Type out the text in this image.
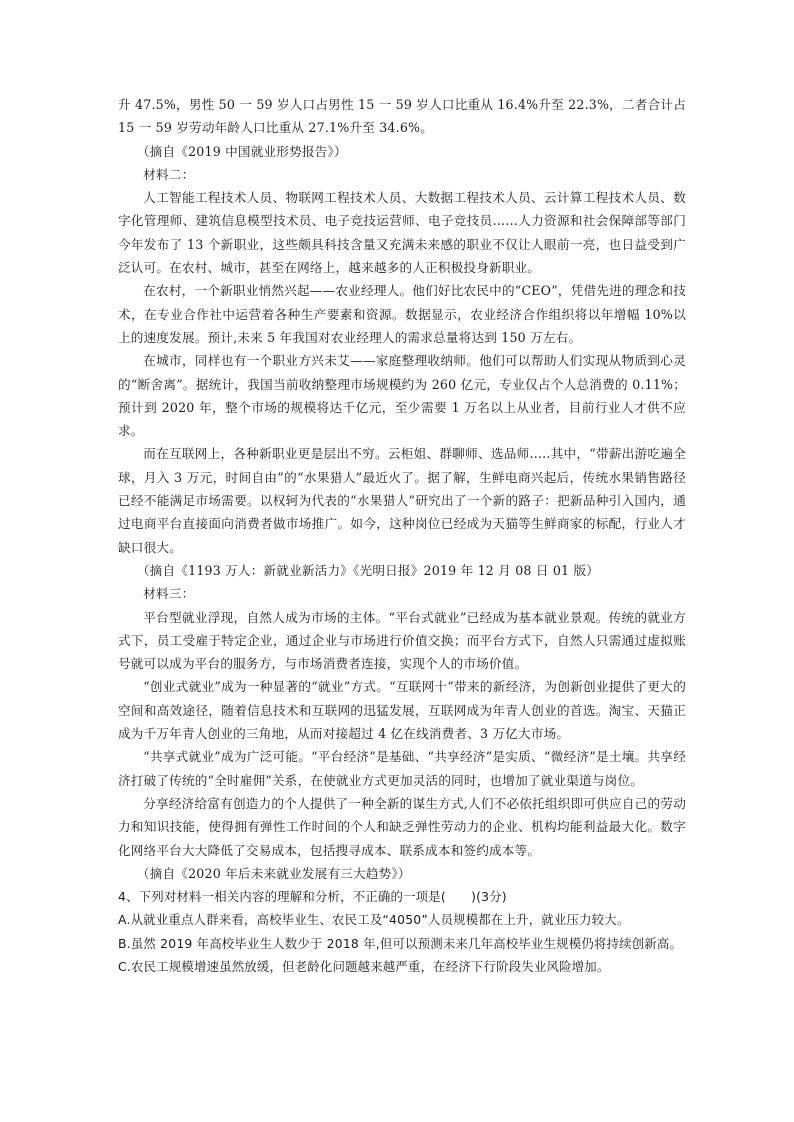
升 47.5%，男性 50 一 59 岁人口占男性 15 一 59 岁人口比重从 16.4%升至 22.3%，二者合计占 15 一 59 岁劳动年龄人口比重从 27.1%升至 34.6%。

（摘自《2019 中国就业形势报告》）

材料二：

人工智能工程技术人员、物联网工程技术人员、大数据工程技术人员、云计算工程技术人员、数字化管理师、建筑信息模型技术员、电子竞技运营师、电子竞技员……人力资源和社会保障部等部门今年发布了 13 个新职业，这些颇具科技含量又充满未来感的职业不仅让人眼前一亮，也日益受到广泛认可。在农村、城市，甚至在网络上，越来越多的人正积极投身新职业。

在农村，一个新职业悄然兴起——农业经理人。他们好比农民中的“CEO”，凭借先进的理念和技术，在专业合作社中运营着各种生产要素和资源。数据显示，农业经济合作组织将以年增幅 10%以上的速度发展。预计,未来 5 年我国对农业经理人的需求总量将达到 150 万左右。

在城市，同样也有一个职业方兴未艾——家庭整理收纳师。他们可以帮助人们实现从物质到心灵的“断舍离”。据统计，我国当前收纳整理市场规模约为 260 亿元，专业仅占个人总消费的 0.11%；预计到 2020 年，整个市场的规模将达千亿元，至少需要 1 万名以上从业者，目前行业人才供不应求。

而在互联网上，各种新职业更是层出不穷。云柜姐、群聊师、选品师.....其中，“带薪出游吃遍全球，月入 3 万元，时间自由”的“水果猎人”最近火了。据了解，生鲜电商兴起后，传统水果销售路径已经不能满足市场需要。以权轲为代表的“水果猎人”研究出了一个新的路子：把新品种引入国内，通过电商平台直接面向消费者做市场推广。如今，这种岗位已经成为天猫等生鲜商家的标配，行业人才缺口很大。

（摘自《1193 万人：新就业新活力》《光明日报》2019 年 12 月 08 日 01 版）

材料三：

平台型就业浮现，自然人成为市场的主体。“平台式就业”已经成为基本就业景观。传统的就业方式下，员工受雇于特定企业，通过企业与市场进行价值交换；而平台方式下，自然人只需通过虚拟账号就可以成为平台的服务方，与市场消费者连接，实现个人的市场价值。

“创业式就业”成为一种显著的“就业”方式。“互联网十”带来的新经济，为创新创业提供了更大的空间和高效途径，随着信息技术和互联网的迅猛发展，互联网成为年青人创业的首选。淘宝、天猫正成为千万年青人创业的三角地，从而对接超过 4 亿在线消费者、3 万亿大市场。

“共享式就业”成为广泛可能。“平台经济”是基础、“共享经济”是实质、“微经济”是土壤。共享经济打破了传统的“全时雇佣”关系，在使就业方式更加灵活的同时，也增加了就业渠道与岗位。

分享经济给富有创造力的个人提供了一种全新的谋生方式,人们不必依托组织即可供应自己的劳动力和知识技能，使得拥有弹性工作时间的个人和缺乏弹性劳动力的企业、机构均能利益最大化。数字化网络平台大大降低了交易成本，包括搜寻成本、联系成本和签约成本等。

（摘自《2020 年后未来就业发展有三大趋势》）

4、下列对材料一相关内容的理解和分析，不正确的一项是(　　)(3分)

A.从就业重点人群来看，高校毕业生、农民工及“4050”人员规模都在上升，就业压力较大。

B.虽然 2019 年高校毕业生人数少于 2018 年,但可以预测未来几年高校毕业生规模仍将持续创新高。

C.农民工规模增速虽然放缓，但老龄化问题越来越严重，在经济下行阶段失业风险增加。
